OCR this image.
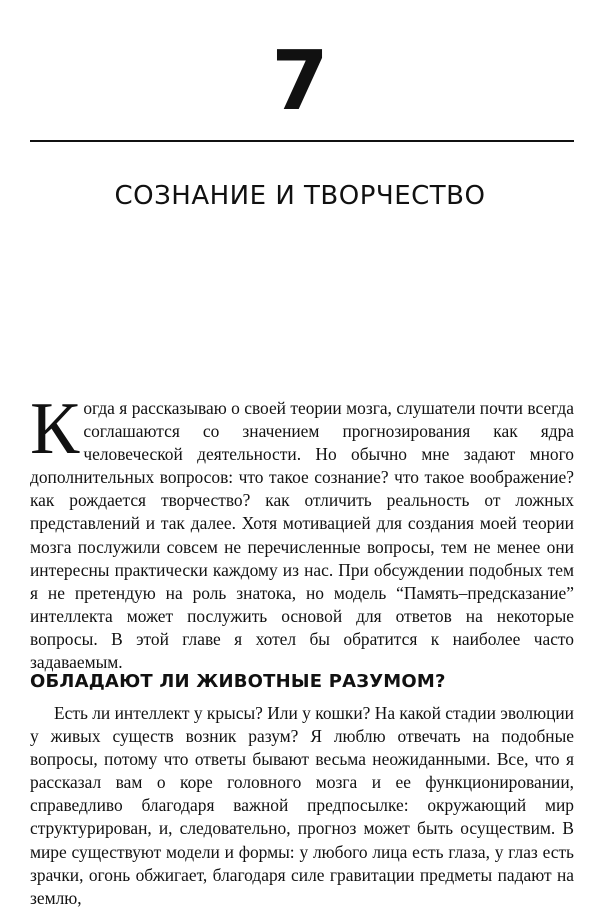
7
СОЗНАНИЕ И ТВОРЧЕСТВО
Когда я рассказываю о своей теории мозга, слушатели почти всегда соглашаются со значением прогнозирования как ядра человеческой деятельности. Но обычно мне задают много дополнительных вопросов: что такое сознание? что такое воображение? как рождается творчество? как отличить реальность от ложных представлений и так далее. Хотя мотивацией для создания моей теории мозга послужили совсем не перечисленные вопросы, тем не менее они интересны практически каждому из нас. При обсуждении подобных тем я не претендую на роль знатока, но модель “Память–предсказание” интеллекта может послужить основой для ответов на некоторые вопросы. В этой главе я хотел бы обратится к наиболее часто задаваемым.
ОБЛАДАЮТ ЛИ ЖИВОТНЫЕ РАЗУМОМ?
Есть ли интеллект у крысы? Или у кошки? На какой стадии эволюции у живых существ возник разум? Я люблю отвечать на подобные вопросы, потому что ответы бывают весьма неожиданными. Все, что я рассказал вам о коре головного мозга и ее функционировании, справедливо благодаря важной предпосылке: окружающий мир структурирован, и, следовательно, прогноз может быть осуществим. В мире существуют модели и формы: у любого лица есть глаза, у глаз есть зрачки, огонь обжигает, благодаря силе гравитации предметы падают на землю,
